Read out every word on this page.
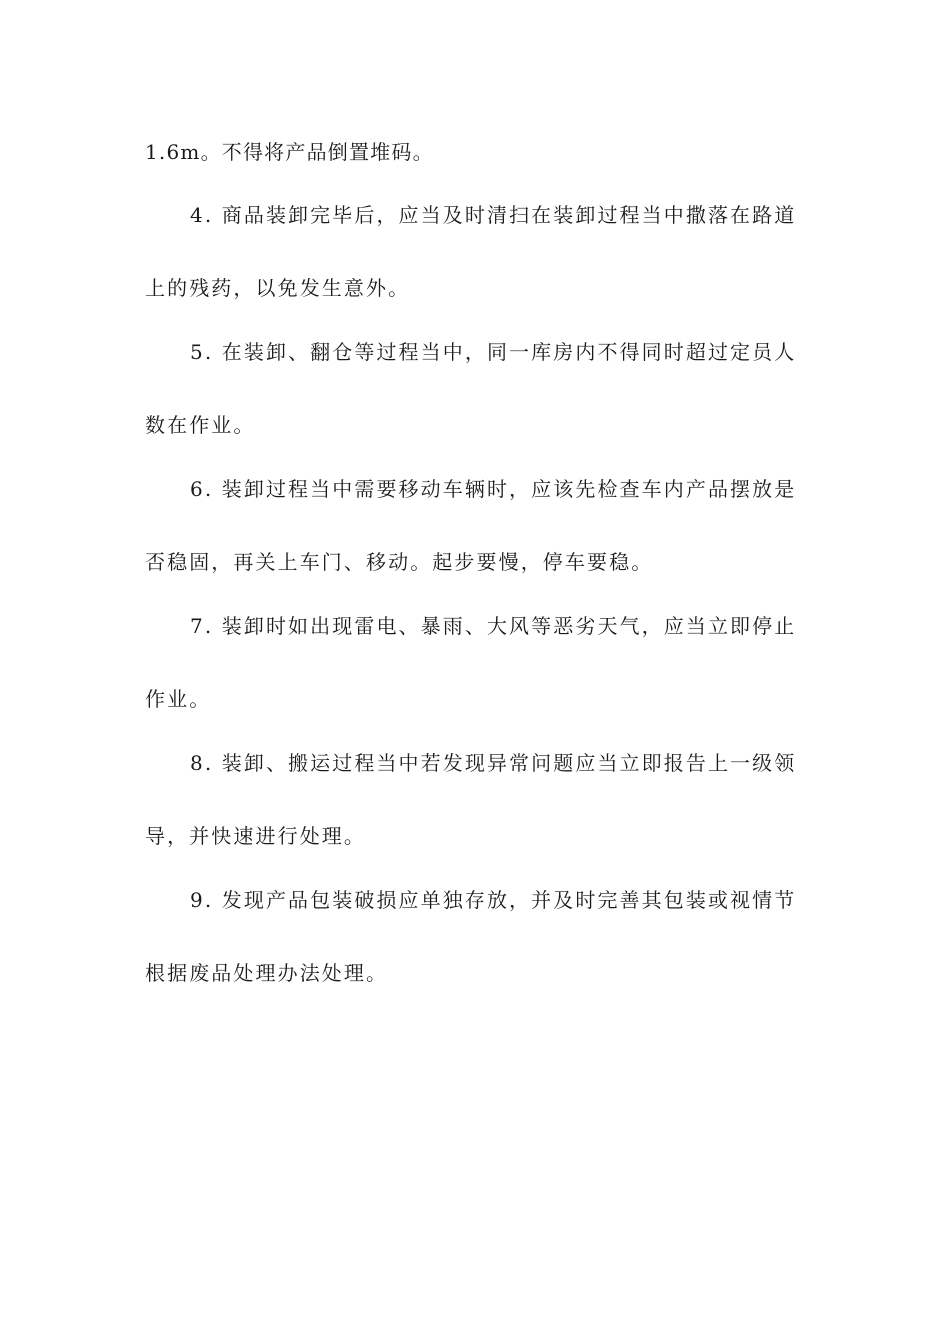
1.6m。不得将产品倒置堆码。
4. 商品装卸完毕后，应当及时清扫在装卸过程当中撒落在路道
上的残药，以免发生意外。
5. 在装卸、翻仓等过程当中，同一库房内不得同时超过定员人
数在作业。
6. 装卸过程当中需要移动车辆时，应该先检查车内产品摆放是
否稳固，再关上车门、移动。起步要慢，停车要稳。
7. 装卸时如出现雷电、暴雨、大风等恶劣天气，应当立即停止
作业。
8. 装卸、搬运过程当中若发现异常问题应当立即报告上一级领
导，并快速进行处理。
9. 发现产品包装破损应单独存放，并及时完善其包装或视情节
根据废品处理办法处理。
